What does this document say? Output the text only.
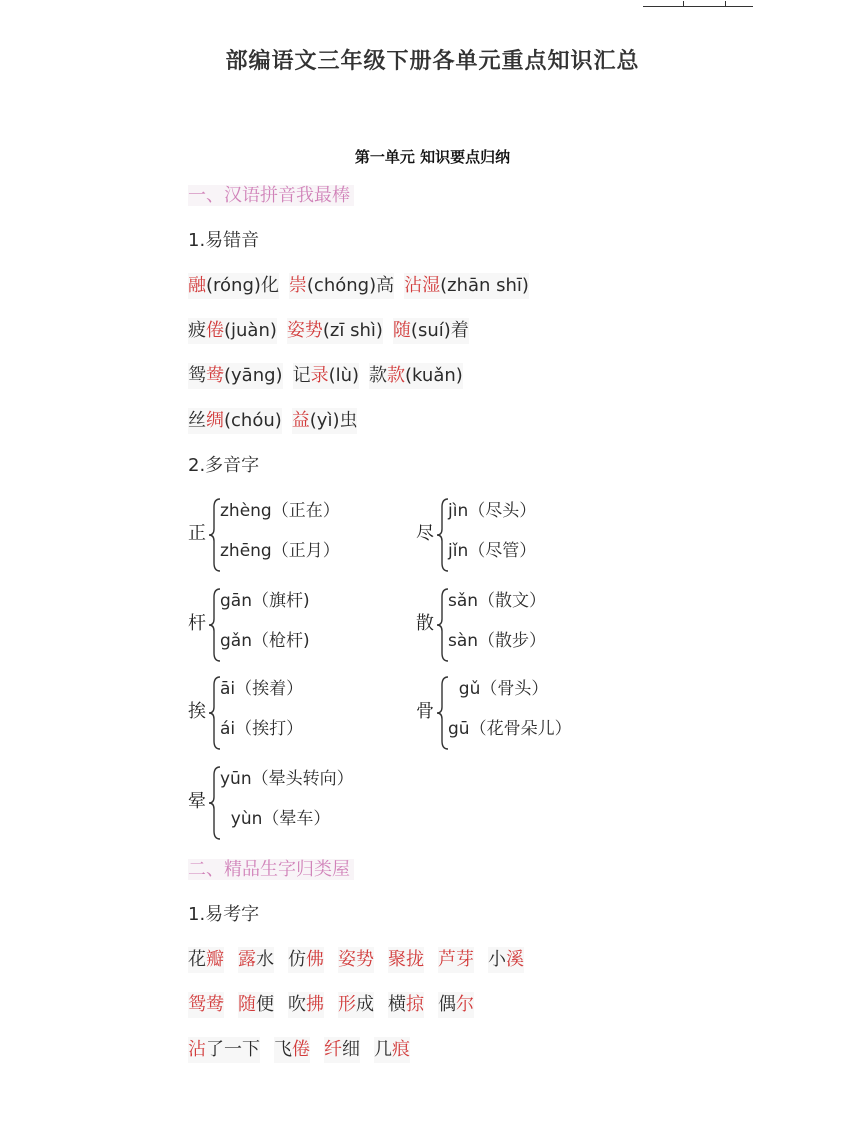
部编语文三年级下册各单元重点知识汇总
第一单元 知识要点归纳
一、汉语拼音我最棒
1.易错音
融(róng)化 崇(chóng)高 沾湿(zhān shī)
疲倦(juàn) 姿势(zī shì) 随(suí)着
鸳鸯(yāng) 记录(lù) 款款(kuǎn)
丝绸(chóu) 益(yì)虫
2.多音字
正
zhèng（正在）
zhēng（正月）
尽
jìn（尽头）
jǐn（尽管）
杆
gān（旗杆)
gǎn（枪杆)
散
sǎn（散文）
sàn（散步）
挨
āi（挨着）
ái（挨打）
骨
gǔ（骨头）
gū（花骨朵儿）
晕
yūn（晕头转向）
yùn（晕车）
二、精品生字归类屋
1.易考字
花瓣 露水 仿佛 姿势 聚拢 芦芽 小溪
鸳鸯 随便 吹拂 形成 横掠 偶尔
沾了一下 飞倦 纤细 几痕
